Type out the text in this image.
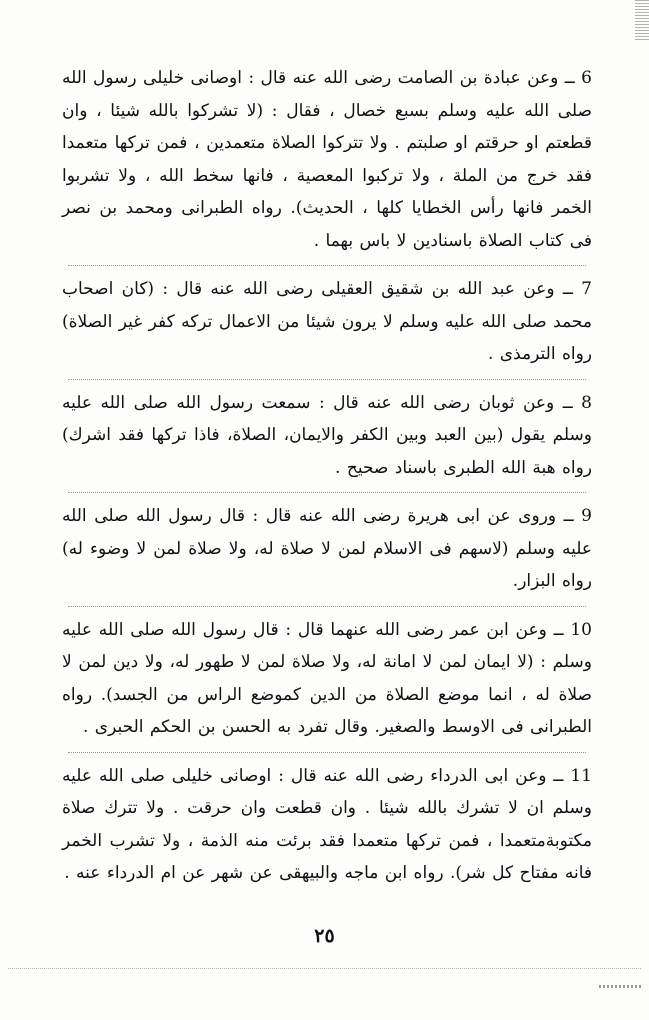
6 ــ وعن عبادة بن الصامت رضى الله عنه قال : اوصانى خليلى رسول الله صلى الله عليه وسلم بسبع خصال ، فقال : (لا تشركوا بالله شيئا ، وان قطعتم او حرقتم او صلبتم . ولا تتركوا الصلاة متعمدين ، فمن تركها متعمدا فقد خرج من الملة ، ولا تركبوا المعصية ، فانها سخط الله ، ولا تشربوا الخمر فانها رأس الخطايا كلها ، الحديث). رواه الطبرانى ومحمد بن نصر فى كتاب الصلاة باسنادين لا باس بهما .

7 ــ وعن عبد الله بن شقيق العقيلى رضى الله عنه قال : (كان اصحاب محمد صلى الله عليه وسلم لا يرون شيئا من الاعمال تركه كفر غير الصلاة) رواه الترمذى .

8 ــ وعن ثوبان رضى الله عنه قال : سمعت رسول الله صلى الله عليه وسلم يقول (بين العبد وبين الكفر والايمان، الصلاة، فاذا تركها فقد اشرك) رواه هبة الله الطبرى باسناد صحيح .

9 ــ وروى عن ابى هريرة رضى الله عنه قال : قال رسول الله صلى الله عليه وسلم (لاسهم فى الاسلام لمن لا صلاة له، ولا صلاة لمن لا وضوء له) رواه البزار.

10 ــ وعن ابن عمر رضى الله عنهما قال : قال رسول الله صلى الله عليه وسلم : (لا ايمان لمن لا امانة له، ولا صلاة لمن لا طهور له، ولا دين لمن لا صلاة له ، انما موضع الصلاة من الدين كموضع الراس من الجسد). رواه الطبرانى فى الاوسط والصغير. وقال تفرد به الحسن بن الحكم الحبرى .

11 ــ وعن ابى الدرداء رضى الله عنه قال : اوصانى خليلى صلى الله عليه وسلم ان لا تشرك بالله شيئا . وان قطعت وان حرقت . ولا تترك صلاة مكتوبةمتعمدا ، فمن تركها متعمدا فقد برئت منه الذمة ، ولا تشرب الخمر فانه مفتاح كل شر). رواه ابن ماجه والبيهقى عن شهر عن ام الدرداء عنه .

٢٥
